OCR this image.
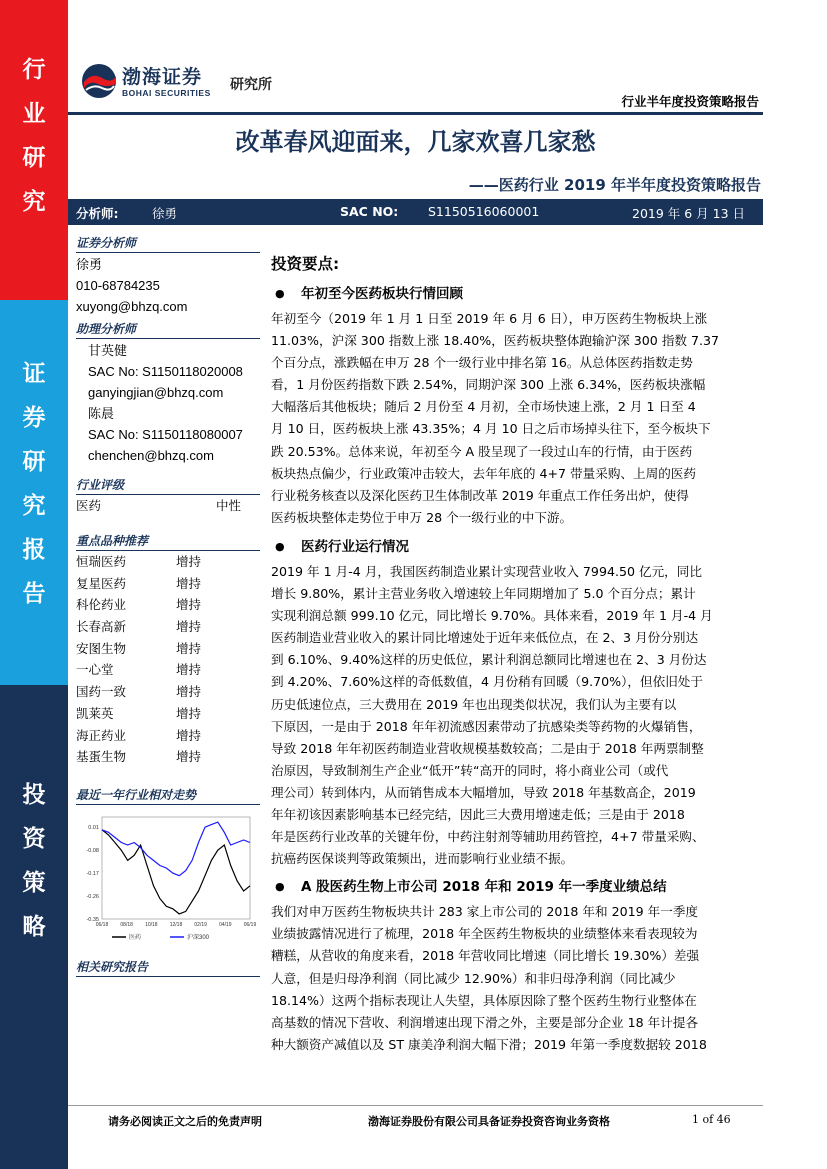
行
业
研
究
证
券
研
究
报
告
投
资
策
略
渤海证券
BOHAI SECURITIES 研究所
行业半年度投资策略报告
改革春风迎面来，几家欢喜几家愁
——医药行业 2019 年半年度投资策略报告
分析师:	徐勇	SAC NO: S1150516060001	2019 年 6 月 13 日
证券分析师
徐勇
010-68784235
xuyong@bhzq.com
助理分析师
甘英健
SAC No: S1150118020008
ganyingjian@bhzq.com
陈晨
SAC No: S1150118080007
chenchen@bhzq.com
行业评级
医药	中性
重点品种推荐
恒瑞医药	增持
复星医药	增持
科伦药业	增持
长春高新	增持
安图生物	增持
一心堂	增持
国药一致	增持
凯莱英	增持
海正药业	增持
基蛋生物	增持
最近一年行业相对走势
0.01
-0.08
-0.17
-0.26
-0.35
06/18 08/18 10/18 12/18 02/19 04/19 06/19
医药	沪深300
相关研究报告
投资要点:
● 年初至今医药板块行情回顾
年初至今（2019 年 1 月 1 日至 2019 年 6 月 6 日），申万医药生物板块上涨
11.03%，沪深 300 指数上涨 18.40%，医药板块整体跑输沪深 300 指数 7.37
个百分点，涨跌幅在申万 28 个一级行业中排名第 16。从总体医药指数走势
看，1 月份医药指数下跌 2.54%，同期沪深 300 上涨 6.34%，医药板块涨幅
大幅落后其他板块；随后 2 月份至 4 月初，全市场快速上涨，2 月 1 日至 4
月 10 日，医药板块上涨 43.35%；4 月 10 日之后市场掉头往下，至今板块下
跌 20.53%。总体来说，年初至今 A 股呈现了一段过山车的行情，由于医药
板块热点偏少，行业政策冲击较大，去年年底的 4+7 带量采购、上周的医药
行业税务核查以及深化医药卫生体制改革 2019 年重点工作任务出炉，使得
医药板块整体走势位于申万 28 个一级行业的中下游。
● 医药行业运行情况
2019 年 1 月-4 月，我国医药制造业累计实现营业收入 7994.50 亿元，同比
增长 9.80%，累计主营业务收入增速较上年同期增加了 5.0 个百分点；累计
实现利润总额 999.10 亿元，同比增长 9.70%。具体来看，2019 年 1 月-4 月
医药制造业营业收入的累计同比增速处于近年来低位点，在 2、3 月份分别达
到 6.10%、9.40%这样的历史低位，累计利润总额同比增速也在 2、3 月份达
到 4.20%、7.60%这样的奇低数值，4 月份稍有回暖（9.70%），但依旧处于
历史低速位点，三大费用在 2019 年也出现类似状况，我们认为主要有以
下原因，一是由于 2018 年年初流感因素带动了抗感染类等药物的火爆销售，
导致 2018 年年初医药制造业营收规模基数较高；二是由于 2018 年两票制整
治原因，导致制剂生产企业“低开”转“高开的同时，将小商业公司（或代
理公司）转到体内，从而销售成本大幅增加，导致 2018 年基数高企，2019
年年初该因素影响基本已经完结，因此三大费用增速走低；三是由于 2018
年是医药行业改革的关键年份，中药注射剂等辅助用药管控，4+7 带量采购、
抗癌药医保谈判等政策频出，进而影响行业业绩不振。
● A 股医药生物上市公司 2018 年和 2019 年一季度业绩总结
我们对申万医药生物板块共计 283 家上市公司的 2018 年和 2019 年一季度
业绩披露情况进行了梳理，2018 年全医药生物板块的业绩整体来看表现较为
糟糕，从营收的角度来看，2018 年营收同比增速（同比增长 19.30%）差强
人意，但是归母净利润（同比减少 12.90%）和非归母净利润（同比减少
18.14%）这两个指标表现让人失望，具体原因除了整个医药生物行业整体在
高基数的情况下营收、利润增速出现下滑之外，主要是部分企业 18 年计提各
种大额资产减值以及 ST 康美净利润大幅下滑；2019 年第一季度数据较 2018
请务必阅读正文之后的免责声明	渤海证券股份有限公司具备证券投资咨询业务资格	1 of 46
